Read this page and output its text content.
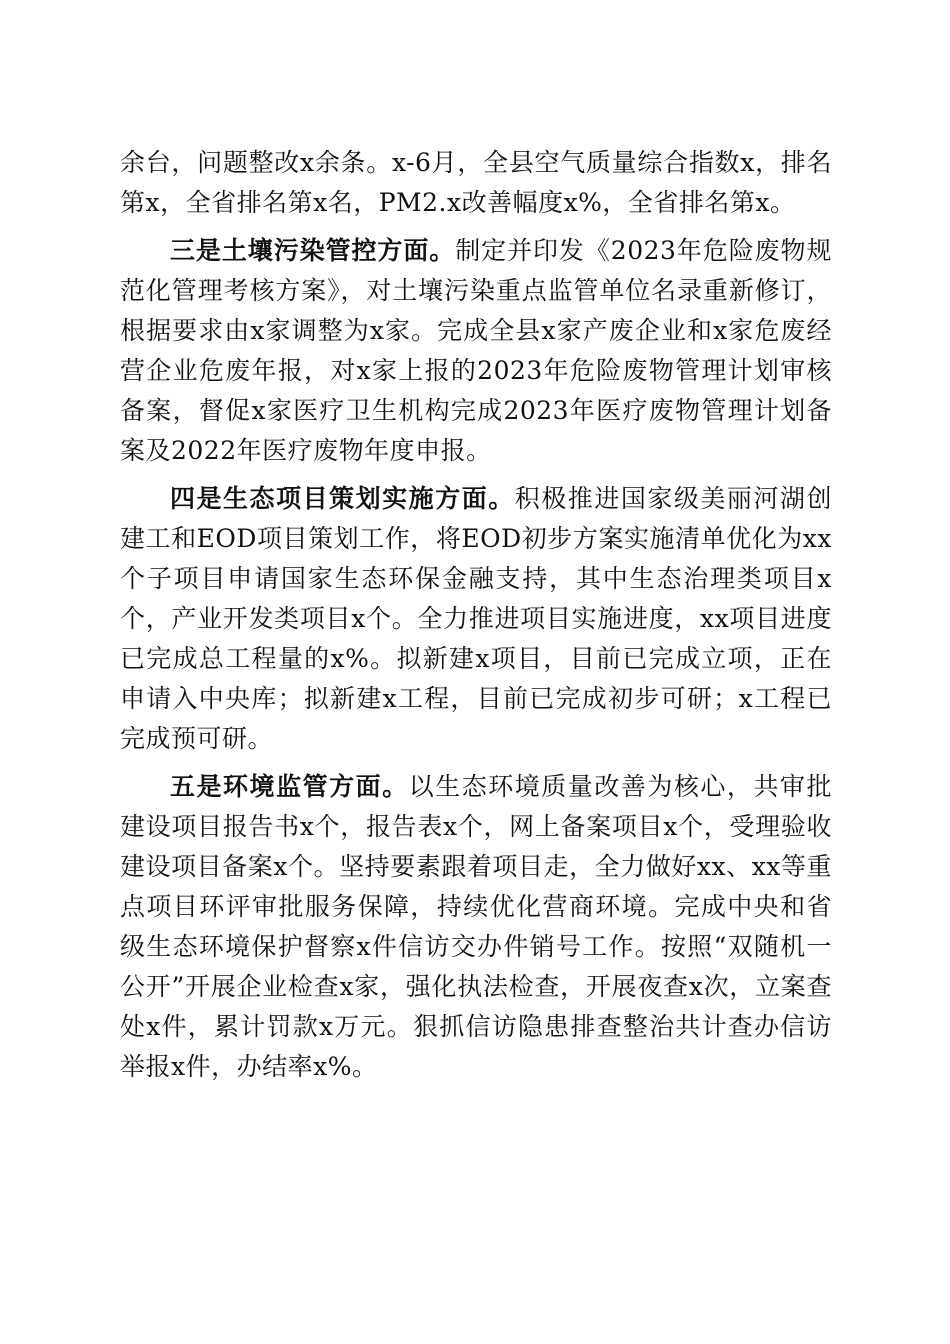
余台，问题整改x余条。x-6月，全县空气质量综合指数x，排名第x，全省排名第x名，PM2.x改善幅度x%，全省排名第x。

三是土壤污染管控方面。制定并印发《2023年危险废物规范化管理考核方案》，对土壤污染重点监管单位名录重新修订，根据要求由x家调整为x家。完成全县x家产废企业和x家危废经营企业危废年报，对x家上报的2023年危险废物管理计划审核备案，督促x家医疗卫生机构完成2023年医疗废物管理计划备案及2022年医疗废物年度申报。

四是生态项目策划实施方面。积极推进国家级美丽河湖创建工和EOD项目策划工作，将EOD初步方案实施清单优化为xx个子项目申请国家生态环保金融支持，其中生态治理类项目x个，产业开发类项目x个。全力推进项目实施进度，xx项目进度已完成总工程量的x%。拟新建x项目，目前已完成立项，正在申请入中央库；拟新建x工程，目前已完成初步可研；x工程已完成预可研。

五是环境监管方面。以生态环境质量改善为核心，共审批建设项目报告书x个，报告表x个，网上备案项目x个，受理验收建设项目备案x个。坚持要素跟着项目走，全力做好xx、xx等重点项目环评审批服务保障，持续优化营商环境。完成中央和省级生态环境保护督察x件信访交办件销号工作。按照“双随机一公开”开展企业检查x家，强化执法检查，开展夜查x次，立案查处x件，累计罚款x万元。狠抓信访隐患排查整治共计查办信访举报x件，办结率x%。
